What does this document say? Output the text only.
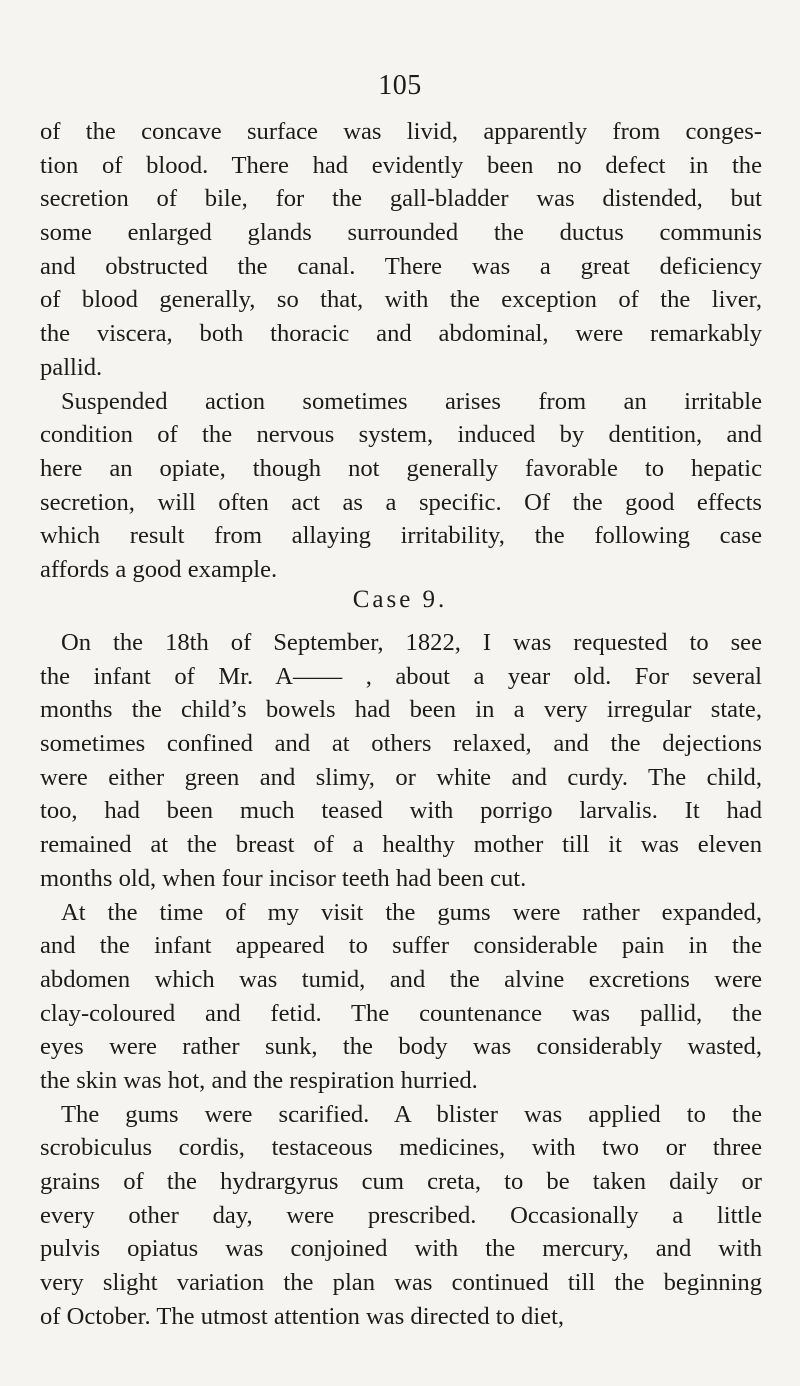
105
of the concave surface was livid, apparently from conges-
tion of blood. There had evidently been no defect in the
secretion of bile, for the gall-bladder was distended, but
some enlarged glands surrounded the ductus communis
and obstructed the canal. There was a great deficiency
of blood generally, so that, with the exception of the liver,
the viscera, both thoracic and abdominal, were remarkably
pallid.
Suspended action sometimes arises from an irritable
condition of the nervous system, induced by dentition, and
here an opiate, though not generally favorable to hepatic
secretion, will often act as a specific. Of the good effects
which result from allaying irritability, the following case
affords a good example.
Case 9.
On the 18th of September, 1822, I was requested to see
the infant of Mr. A—— , about a year old. For several
months the child’s bowels had been in a very irregular state,
sometimes confined and at others relaxed, and the dejections
were either green and slimy, or white and curdy. The child,
too, had been much teased with porrigo larvalis. It had
remained at the breast of a healthy mother till it was eleven
months old, when four incisor teeth had been cut.
At the time of my visit the gums were rather expanded,
and the infant appeared to suffer considerable pain in the
abdomen which was tumid, and the alvine excretions were
clay-coloured and fetid. The countenance was pallid, the
eyes were rather sunk, the body was considerably wasted,
the skin was hot, and the respiration hurried.
The gums were scarified. A blister was applied to the
scrobiculus cordis, testaceous medicines, with two or three
grains of the hydrargyrus cum creta, to be taken daily or
every other day, were prescribed. Occasionally a little
pulvis opiatus was conjoined with the mercury, and with
very slight variation the plan was continued till the beginning
of October. The utmost attention was directed to diet,
